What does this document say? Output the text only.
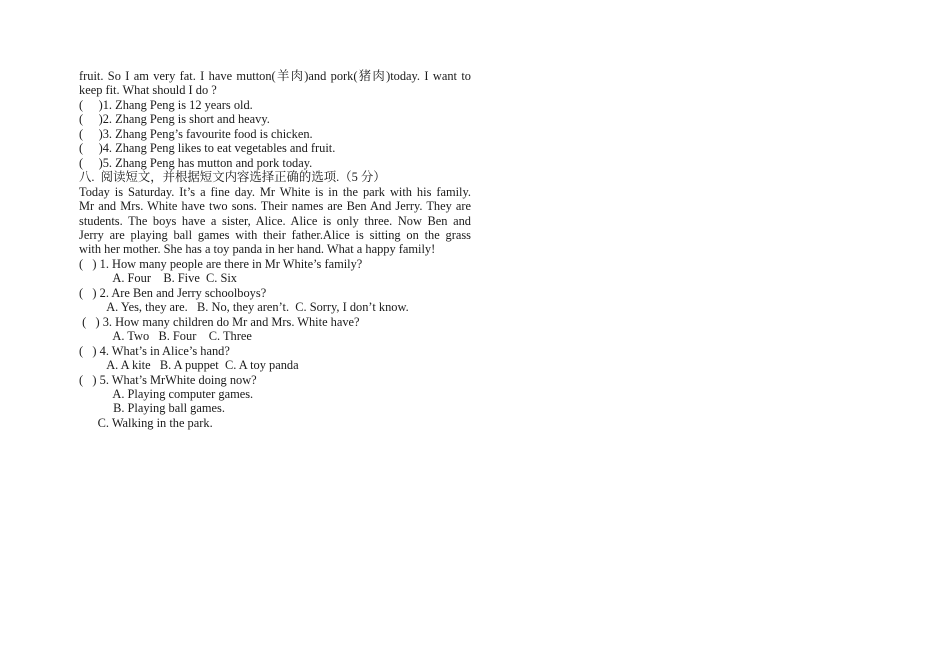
fruit. So I am very fat. I have mutton(羊肉)and pork(猪肉)today. I want to
keep fit. What should I do ?
(     )1. Zhang Peng is 12 years old.
(     )2. Zhang Peng is short and heavy.
(     )3. Zhang Peng’s favourite food is chicken.
(     )4. Zhang Peng likes to eat vegetables and fruit.
(     )5. Zhang Peng has mutton and pork today.
八.  阅读短文，并根据短文内容选择正确的选项.（5 分）
Today is Saturday. It’s a fine day. Mr White is in the park with his family.
Mr and Mrs. White have two sons. Their names are Ben And Jerry. They are
students. The boys have a sister, Alice. Alice is only three. Now Ben and
Jerry are playing ball games with their father.Alice is sitting on the grass
with her mother. She has a toy panda in her hand. What a happy family!
(   ) 1. How many people are there in Mr White’s family?
A. Four    B. Five  C. Six
(   ) 2. Are Ben and Jerry schoolboys?
A. Yes, they are.   B. No, they aren’t.  C. Sorry, I don’t know.
(   ) 3. How many children do Mr and Mrs. White have?
A. Two   B. Four    C. Three
(   ) 4. What’s in Alice’s hand?
A. A kite   B. A puppet  C. A toy panda
(   ) 5. What’s MrWhite doing now?
A. Playing computer games.
B. Playing ball games.
C. Walking in the park.
